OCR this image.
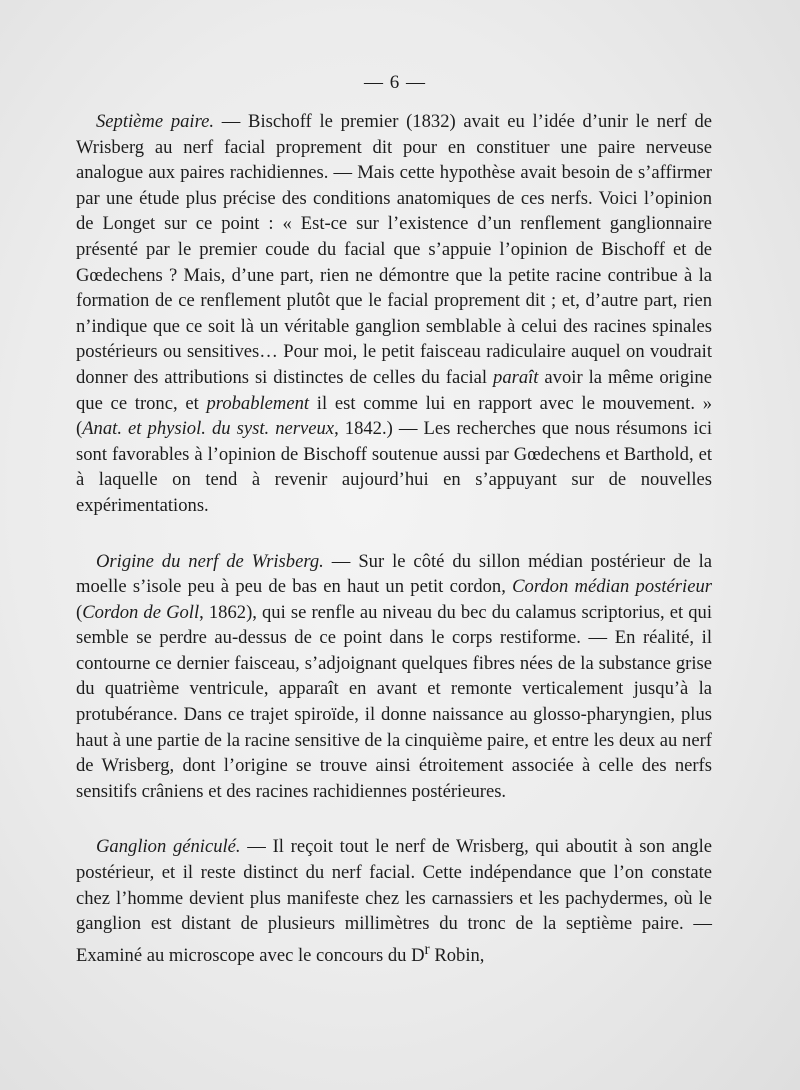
— 6 —

Septième paire. — Bischoff le premier (1832) avait eu l’idée d’unir le nerf de Wrisberg au nerf facial proprement dit pour en constituer une paire nerveuse analogue aux paires rachidiennes. — Mais cette hypothèse avait besoin de s’affirmer par une étude plus précise des conditions anatomiques de ces nerfs. Voici l’opinion de Longet sur ce point : « Est-ce sur l’existence d’un renflement ganglionnaire présenté par le premier coude du facial que s’appuie l’opinion de Bischoff et de Gœdechens ? Mais, d’une part, rien ne démontre que la petite racine contribue à la formation de ce renflement plutôt que le facial proprement dit ; et, d’autre part, rien n’indique que ce soit là un véritable ganglion semblable à celui des racines spinales postérieurs ou sensitives… Pour moi, le petit faisceau radiculaire auquel on voudrait donner des attributions si distinctes de celles du facial paraît avoir la même origine que ce tronc, et probablement il est comme lui en rapport avec le mouvement. » (Anat. et physiol. du syst. nerveux, 1842.) — Les recherches que nous résumons ici sont favorables à l’opinion de Bischoff soutenue aussi par Gœdechens et Barthold, et à laquelle on tend à revenir aujourd’hui en s’appuyant sur de nouvelles expérimentations.

Origine du nerf de Wrisberg. — Sur le côté du sillon médian postérieur de la moelle s’isole peu à peu de bas en haut un petit cordon, Cordon médian postérieur (Cordon de Goll, 1862), qui se renfle au niveau du bec du calamus scriptorius, et qui semble se perdre au-dessus de ce point dans le corps restiforme. — En réalité, il contourne ce dernier faisceau, s’adjoignant quelques fibres nées de la substance grise du quatrième ventricule, apparaît en avant et remonte verticalement jusqu’à la protubérance. Dans ce trajet spiroïde, il donne naissance au glosso-pharyngien, plus haut à une partie de la racine sensitive de la cinquième paire, et entre les deux au nerf de Wrisberg, dont l’origine se trouve ainsi étroitement associée à celle des nerfs sensitifs crâniens et des racines rachidiennes postérieures.

Ganglion géniculé. — Il reçoit tout le nerf de Wrisberg, qui aboutit à son angle postérieur, et il reste distinct du nerf facial. Cette indépendance que l’on constate chez l’homme devient plus manifeste chez les carnassiers et les pachydermes, où le ganglion est distant de plusieurs millimètres du tronc de la septième paire. — Examiné au microscope avec le concours du $D^r$ Robin,
